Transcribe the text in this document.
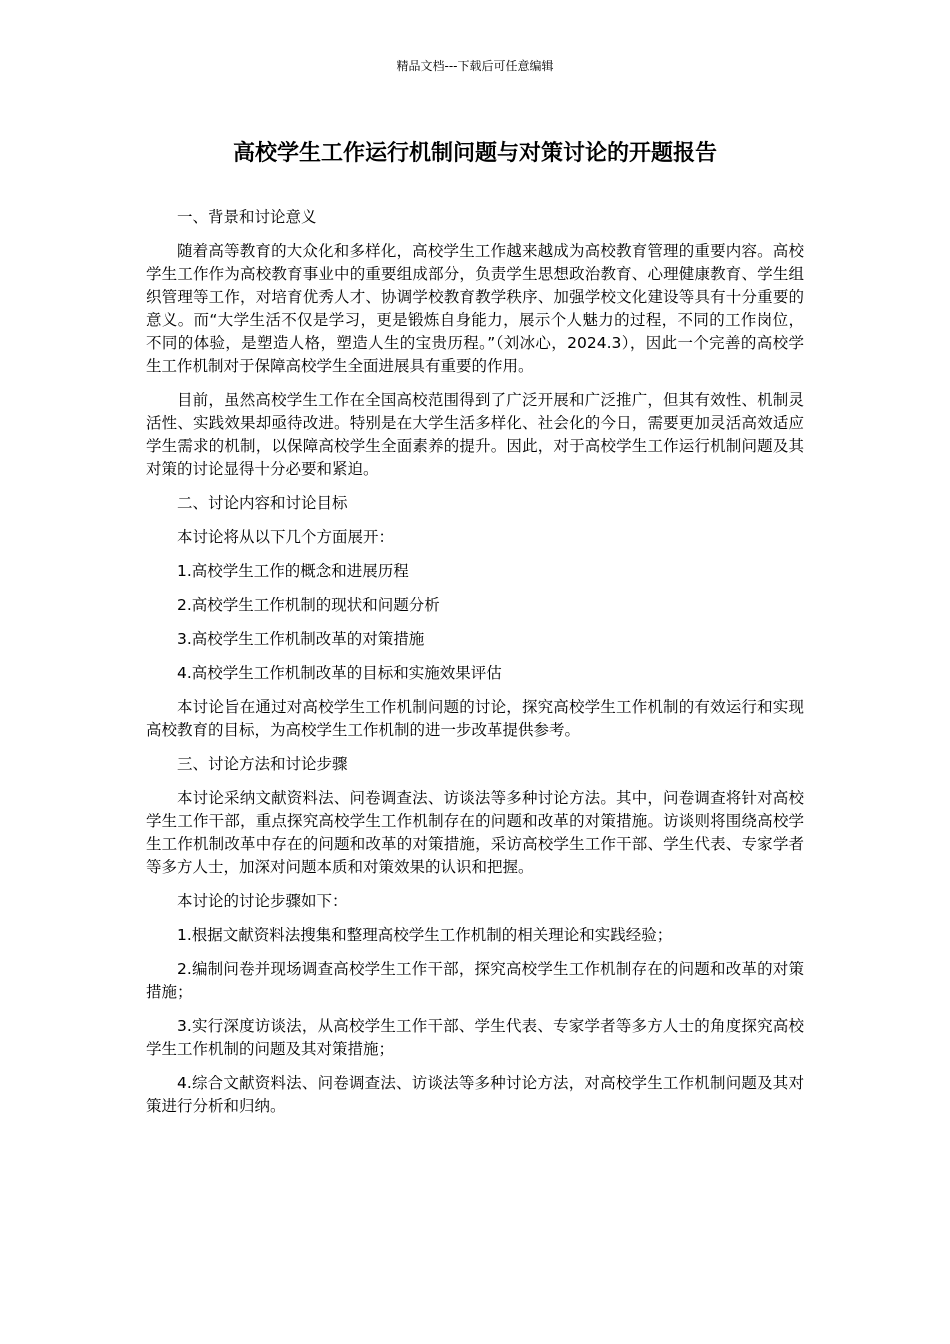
精品文档---下载后可任意编辑
高校学生工作运行机制问题与对策讨论的开题报告

一、背景和讨论意义

随着高等教育的大众化和多样化，高校学生工作越来越成为高校教育管理的重要内容。高校学生工作作为高校教育事业中的重要组成部分，负责学生思想政治教育、心理健康教育、学生组织管理等工作，对培育优秀人才、协调学校教育教学秩序、加强学校文化建设等具有十分重要的意义。而“大学生活不仅是学习，更是锻炼自身能力，展示个人魅力的过程，不同的工作岗位，不同的体验，是塑造人格，塑造人生的宝贵历程。”（刘冰心，2024.3），因此一个完善的高校学生工作机制对于保障高校学生全面进展具有重要的作用。

目前，虽然高校学生工作在全国高校范围得到了广泛开展和广泛推广，但其有效性、机制灵活性、实践效果却亟待改进。特别是在大学生活多样化、社会化的今日，需要更加灵活高效适应学生需求的机制，以保障高校学生全面素养的提升。因此，对于高校学生工作运行机制问题及其对策的讨论显得十分必要和紧迫。

二、讨论内容和讨论目标

本讨论将从以下几个方面展开：

1.高校学生工作的概念和进展历程

2.高校学生工作机制的现状和问题分析

3.高校学生工作机制改革的对策措施

4.高校学生工作机制改革的目标和实施效果评估

本讨论旨在通过对高校学生工作机制问题的讨论，探究高校学生工作机制的有效运行和实现高校教育的目标，为高校学生工作机制的进一步改革提供参考。

三、讨论方法和讨论步骤

本讨论采纳文献资料法、问卷调查法、访谈法等多种讨论方法。其中，问卷调查将针对高校学生工作干部，重点探究高校学生工作机制存在的问题和改革的对策措施。访谈则将围绕高校学生工作机制改革中存在的问题和改革的对策措施，采访高校学生工作干部、学生代表、专家学者等多方人士，加深对问题本质和对策效果的认识和把握。

本讨论的讨论步骤如下：

1.根据文献资料法搜集和整理高校学生工作机制的相关理论和实践经验；

2.编制问卷并现场调查高校学生工作干部，探究高校学生工作机制存在的问题和改革的对策措施；

3.实行深度访谈法，从高校学生工作干部、学生代表、专家学者等多方人士的角度探究高校学生工作机制的问题及其对策措施；

4.综合文献资料法、问卷调查法、访谈法等多种讨论方法，对高校学生工作机制问题及其对策进行分析和归纳。
